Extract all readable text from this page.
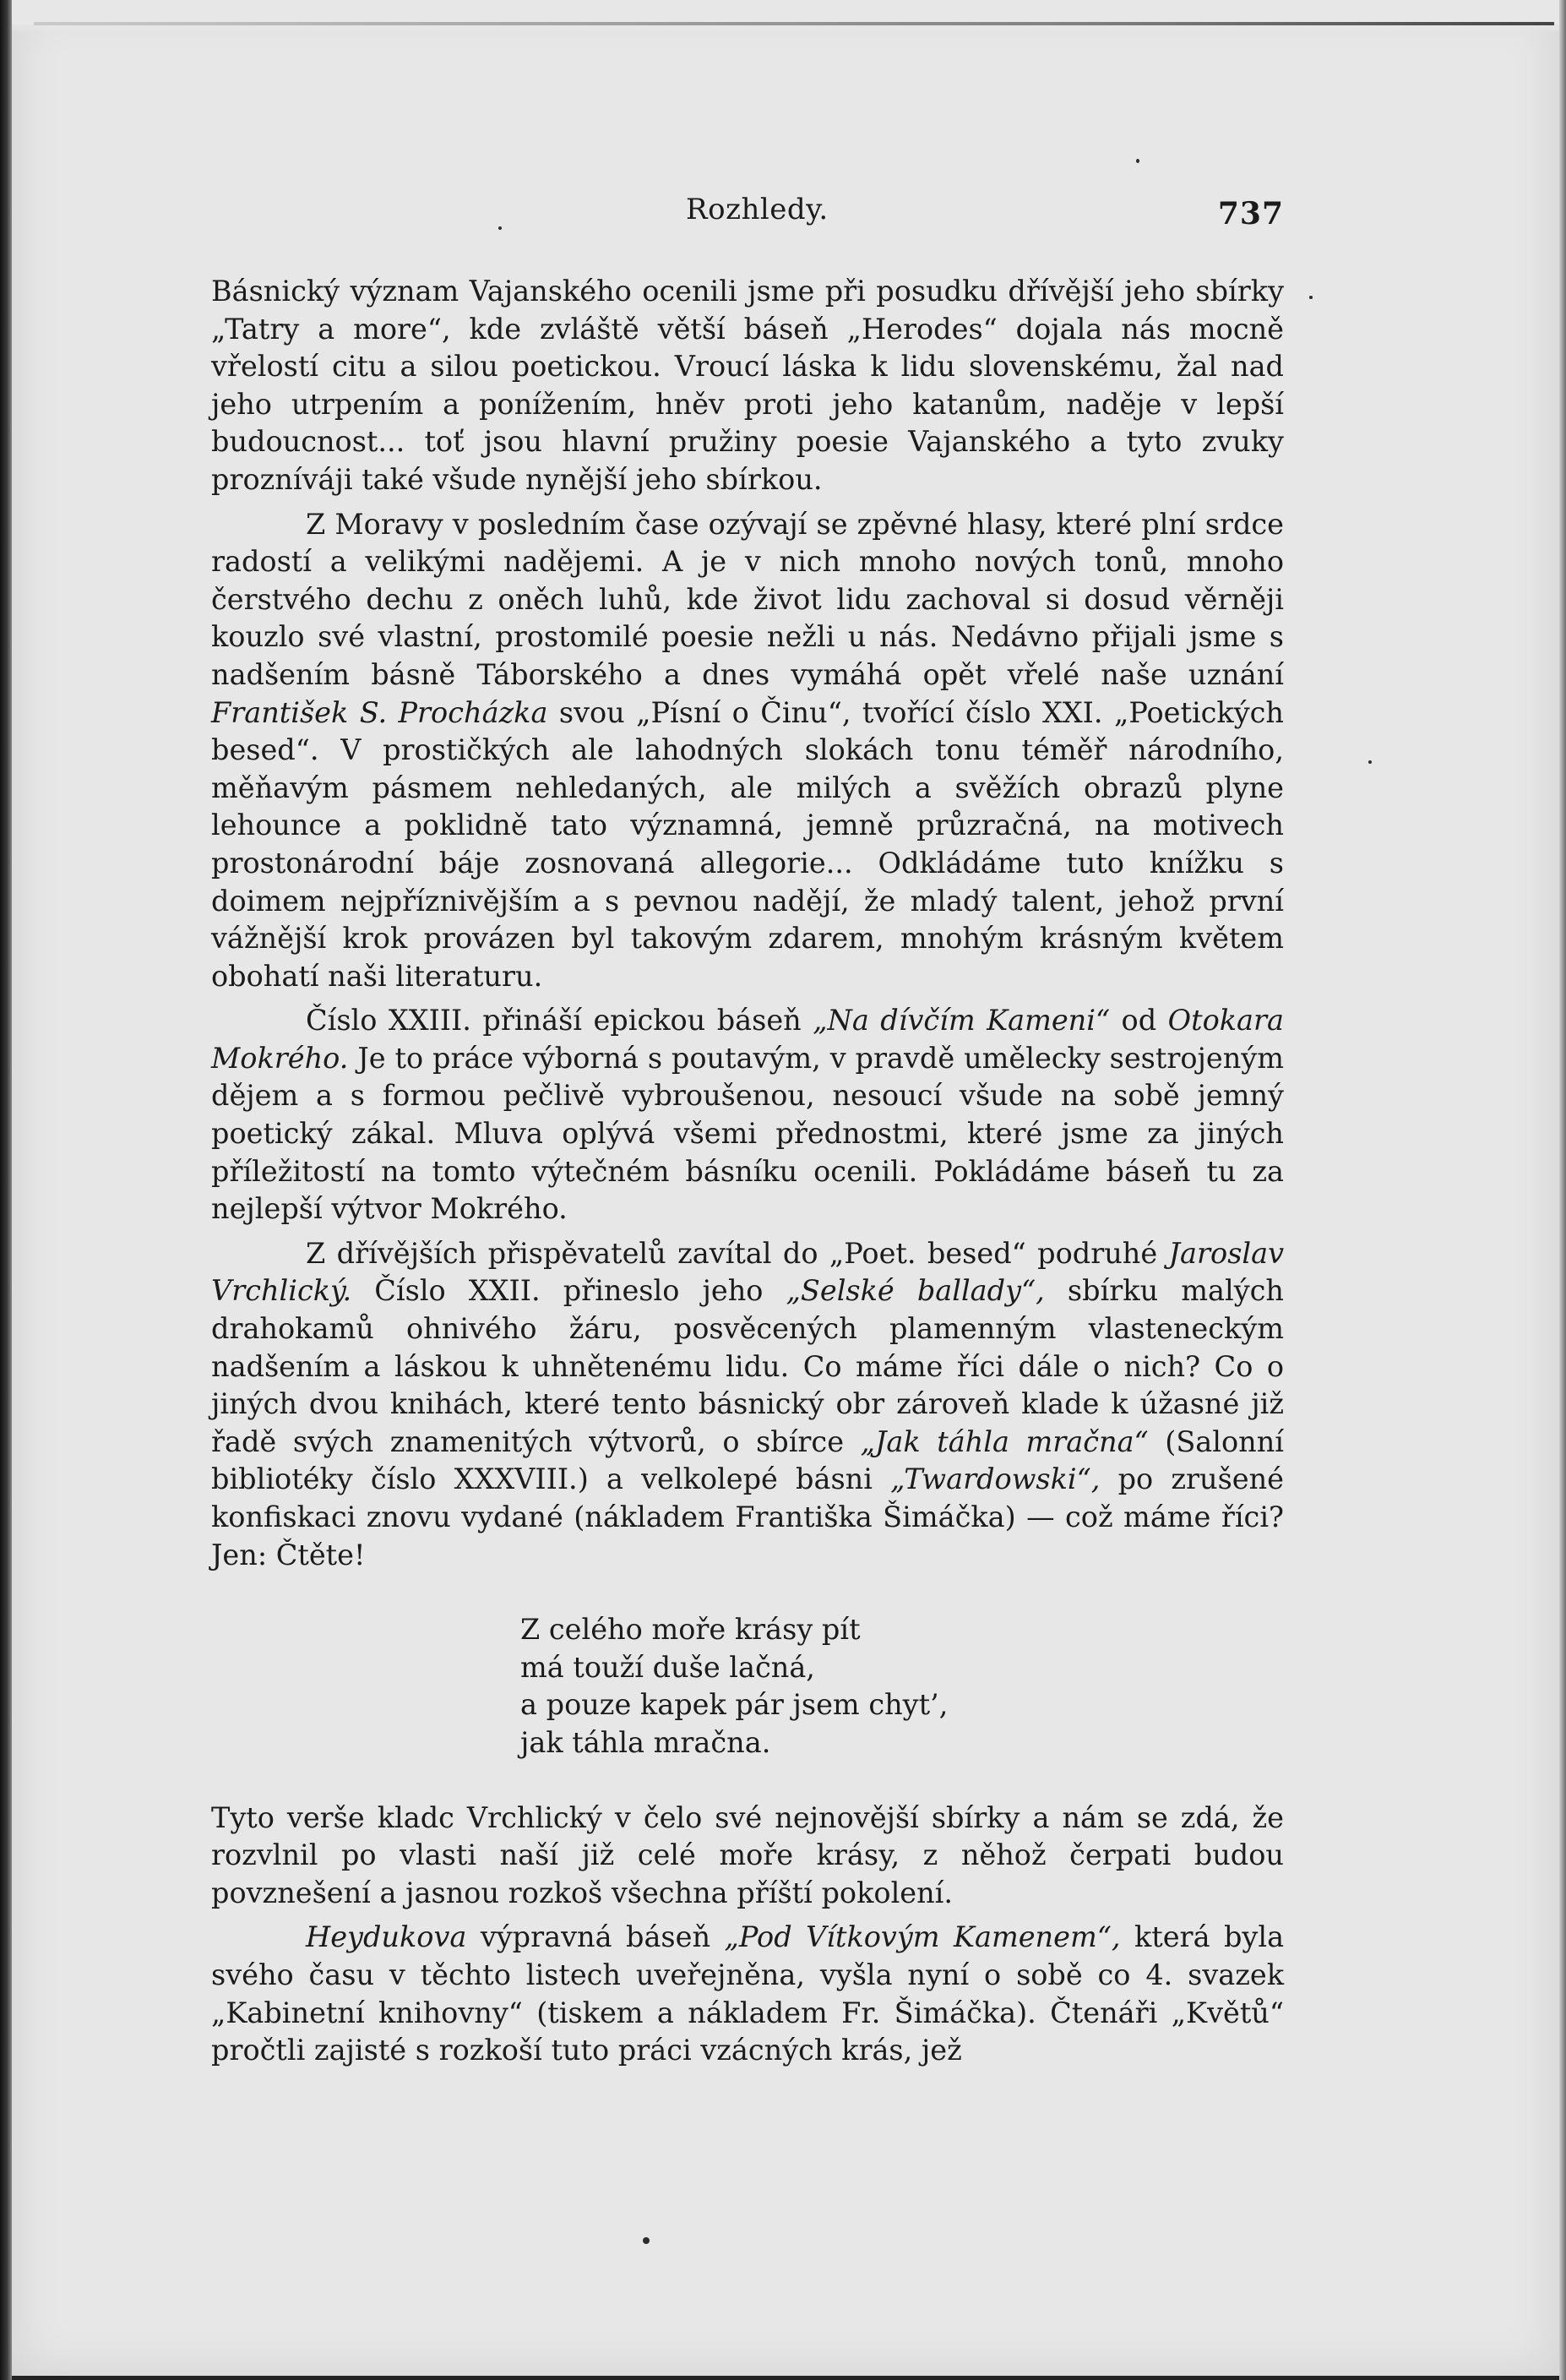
Rozhledy.	737

Básnický význam Vajanského ocenili jsme při posudku dřívější jeho sbírky „Tatry a more“, kde zvláště větší báseň „Herodes“ dojala nás mocně vřelostí citu a silou poetickou. Vroucí láska k lidu slovenskému, žal nad jeho utrpením a ponížením, hněv proti jeho katanům, naděje v lepší budoucnost... toť jsou hlavní pružiny poesie Vajanského a tyto zvuky prozníváji také všude nynější jeho sbírkou.

Z Moravy v posledním čase ozývají se zpěvné hlasy, které plní srdce radostí a velikými nadějemi. A je v nich mnoho nových tonů, mnoho čerstvého dechu z oněch luhů, kde život lidu zachoval si dosud věrněji kouzlo své vlastní, prostomilé poesie nežli u nás. Nedávno přijali jsme s nadšením básně Táborského a dnes vymáhá opět vřelé naše uznání František S. Procházka svou „Písní o Činu“, tvořící číslo XXI. „Poetických besed“. V prostičkých ale lahodných slokách tonu téměř národního, měňavým pásmem nehledaných, ale milých a svěžích obrazů plyne lehounce a poklidně tato významná, jemně průzračná, na motivech prostonárodní báje zosnovaná allegorie... Odkládáme tuto knížku s doimem nejpříznivějším a s pevnou nadějí, že mladý talent, jehož první vážnější krok provázen byl takovým zdarem, mnohým krásným květem obohatí naši literaturu.

Číslo XXIII. přináší epickou báseň „Na dívčím Kameni“ od Otokara Mokrého. Je to práce výborná s poutavým, v pravdě umělecky sestrojeným dějem a s formou pečlivě vybroušenou, nesoucí všude na sobě jemný poetický zákal. Mluva oplývá všemi přednostmi, které jsme za jiných příležitostí na tomto výtečném básníku ocenili. Pokládáme báseň tu za nejlepší výtvor Mokrého.

Z dřívějších přispěvatelů zavítal do „Poet. besed“ podruhé Jaroslav Vrchlický. Číslo XXII. přineslo jeho „Selské ballady“, sbírku malých drahokamů ohnivého žáru, posvěcených plamenným vlasteneckým nadšením a láskou k uhnětenému lidu. Co máme říci dále o nich? Co o jiných dvou knihách, které tento básnický obr zároveň klade k úžasné již řadě svých znamenitých výtvorů, o sbírce „Jak táhla mračna“ (Salonní bibliotéky číslo XXXVIII.) a velkolepé básni „Twardowski“, po zrušené konfiskaci znovu vydané (nákladem Františka Šimáčka) — což máme říci? Jen: Čtěte!

Z celého moře krásy pít
má touží duše lačná,
a pouze kapek pár jsem chyt’,
jak táhla mračna.

Tyto verše kladc Vrchlický v čelo své nejnovější sbírky a nám se zdá, že rozvlnil po vlasti naší již celé moře krásy, z něhož čerpati budou povznešení a jasnou rozkoš všechna příští pokolení.

Heydukova výpravná báseň „Pod Vítkovým Kamenem“, která byla svého času v těchto listech uveřejněna, vyšla nyní o sobě co 4. svazek „Kabinetní knihovny“ (tiskem a nákladem Fr. Šimáčka). Čtenáři „Květů“ pročtli zajisté s rozkoší tuto práci vzácných krás, jež
